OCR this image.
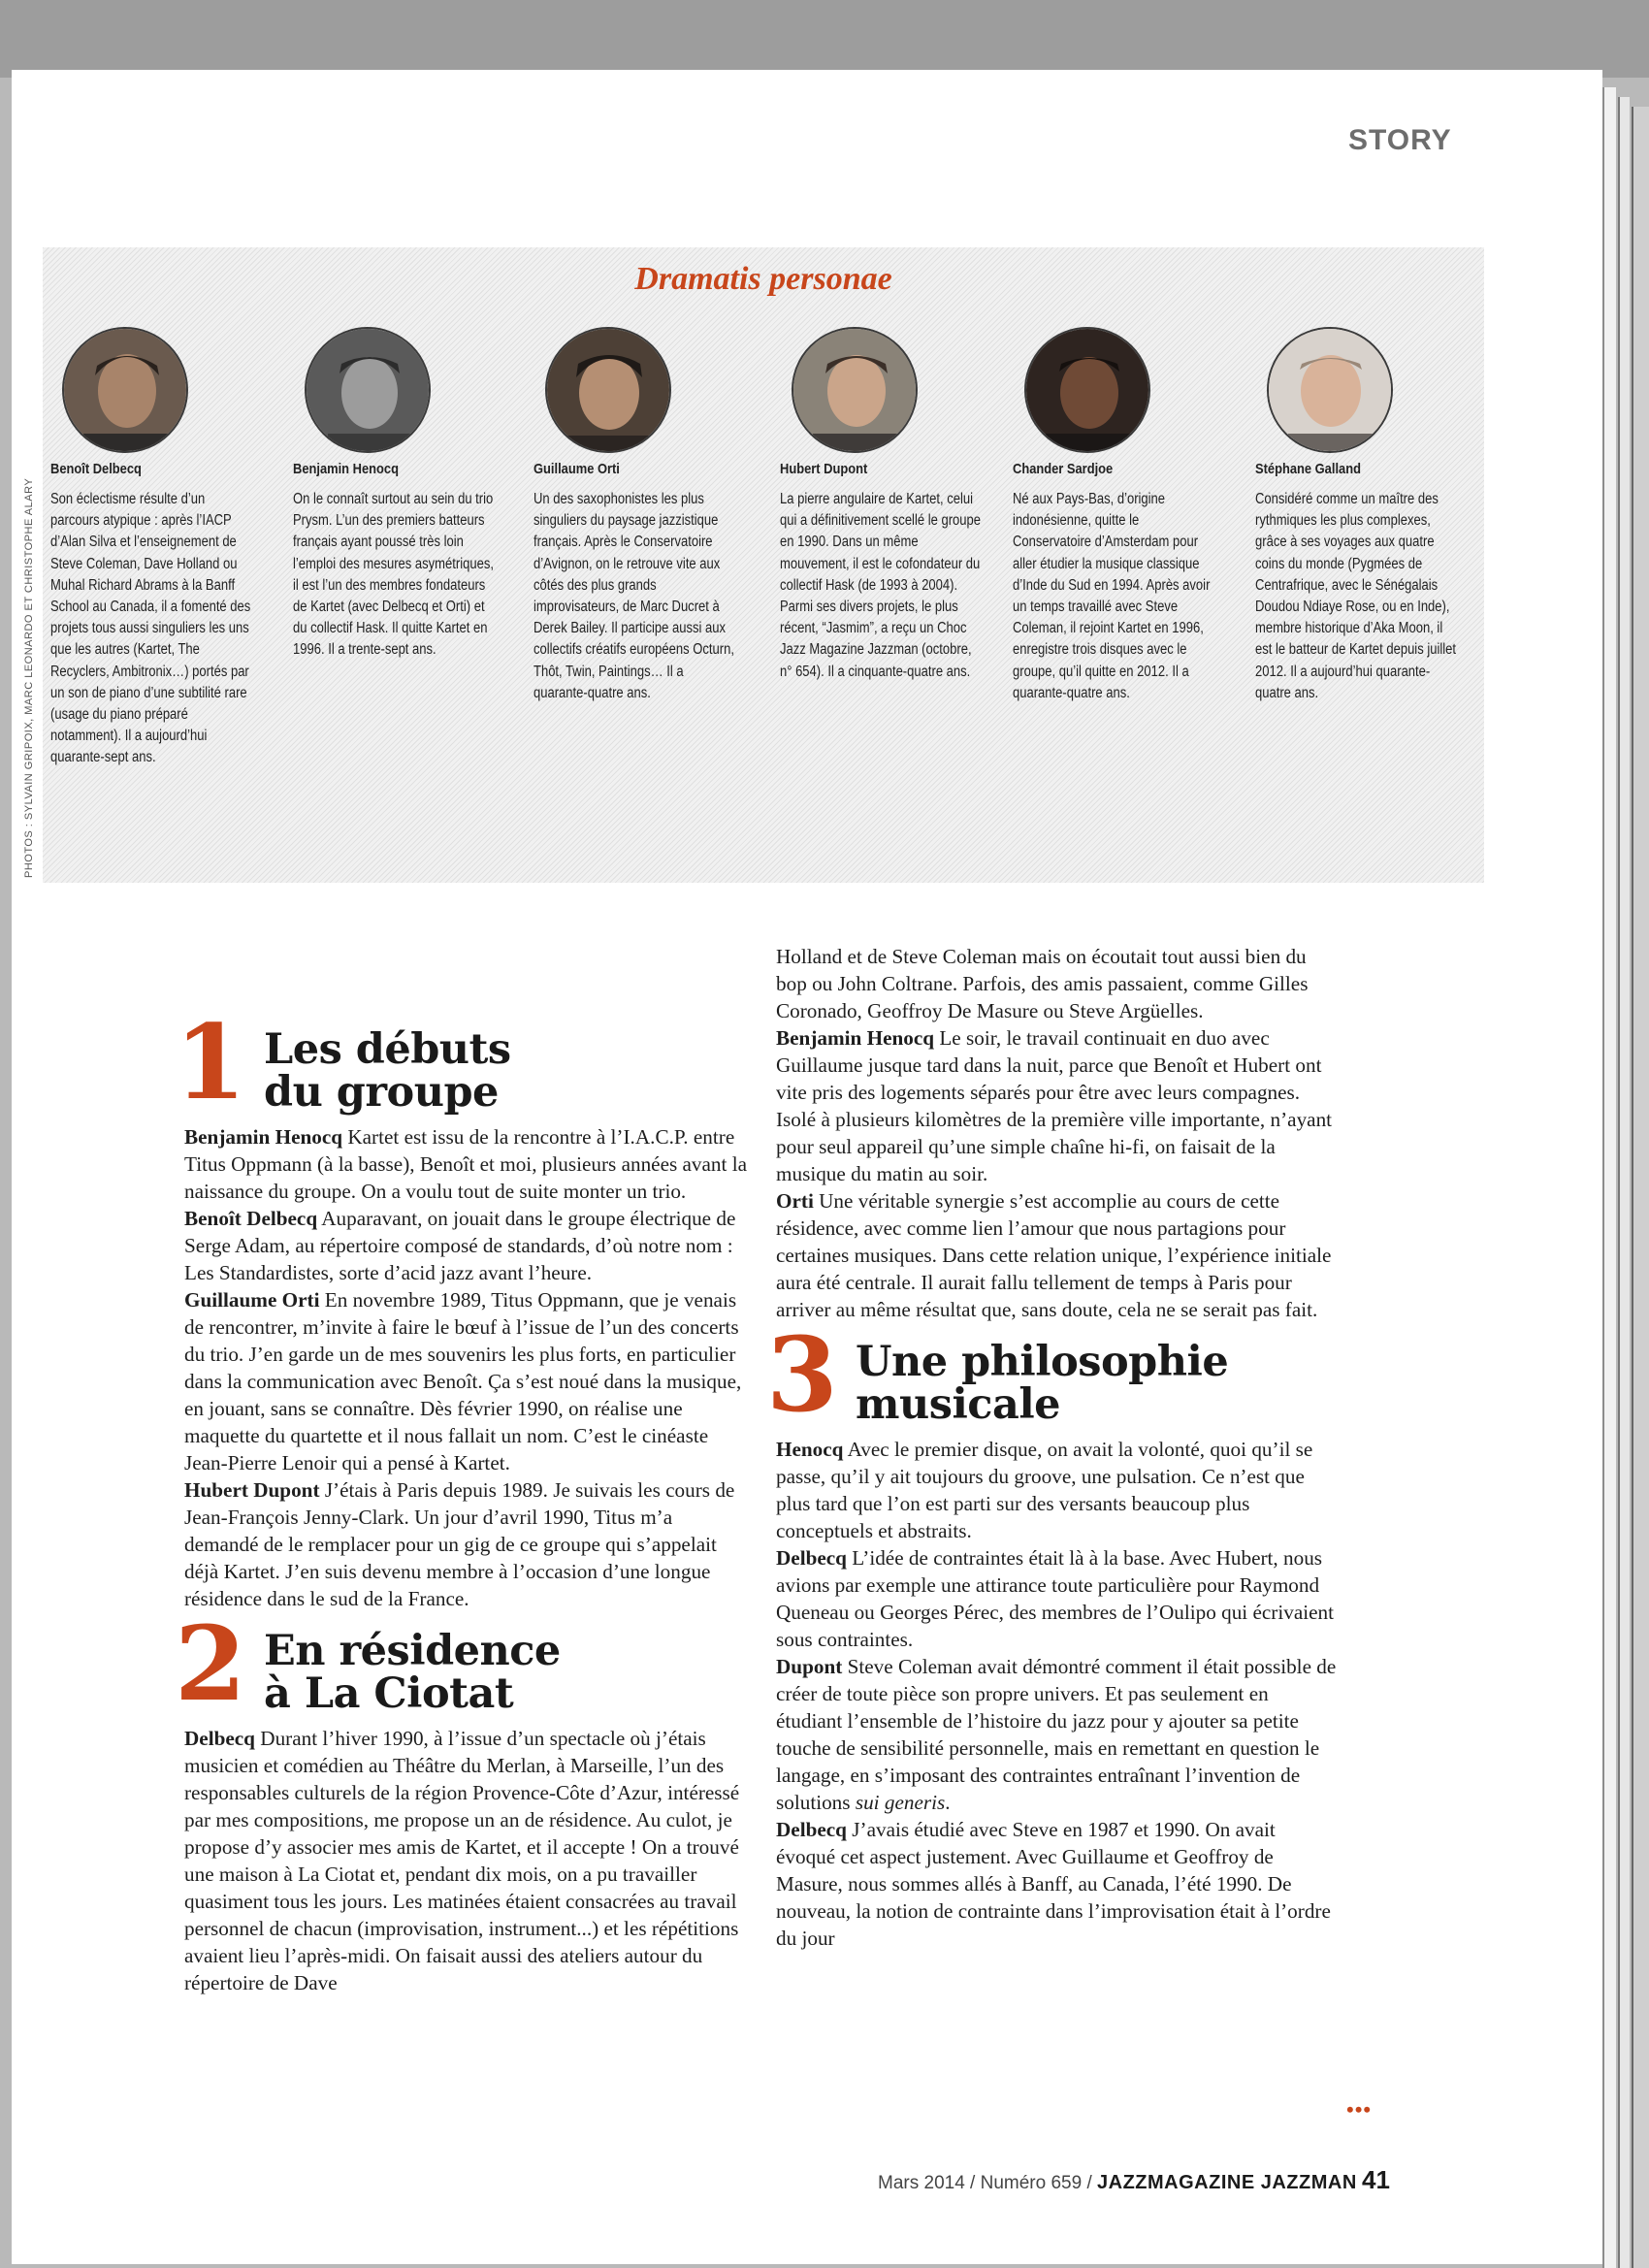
STORY
Dramatis personae
Benoît Delbecq
Son éclectisme résulte d’un parcours atypique : après l’IACP d’Alan Silva et l’enseignement de Steve Coleman, Dave Holland ou Muhal Richard Abrams à la Banff School au Canada, il a fomenté des projets tous aussi singuliers les uns que les autres (Kartet, The Recyclers, Ambitronix…) portés par un son de piano d’une subtilité rare (usage du piano préparé notamment). Il a aujourd’hui quarante-sept ans.
Benjamin Henocq
On le connaît surtout au sein du trio Prysm. L’un des premiers batteurs français ayant poussé très loin l’emploi des mesures asymétriques, il est l’un des membres fondateurs de Kartet (avec Delbecq et Orti) et du collectif Hask. Il quitte Kartet en 1996. Il a trente-sept ans.
Guillaume Orti
Un des saxophonistes les plus singuliers du paysage jazzistique français. Après le Conservatoire d’Avignon, on le retrouve vite aux côtés des plus grands improvisateurs, de Marc Ducret à Derek Bailey. Il participe aussi aux collectifs créatifs européens Octurn, Thôt, Twin, Paintings… Il a quarante-quatre ans.
Hubert Dupont
La pierre angulaire de Kartet, celui qui a définitivement scellé le groupe en 1990. Dans un même mouvement, il est le cofondateur du collectif Hask (de 1993 à 2004). Parmi ses divers projets, le plus récent, “Jasmim”, a reçu un Choc Jazz Magazine Jazzman (octobre, n° 654). Il a cinquante-quatre ans.
Chander Sardjoe
Né aux Pays-Bas, d’origine indonésienne, quitte le Conservatoire d’Amsterdam pour aller étudier la musique classique d’Inde du Sud en 1994. Après avoir un temps travaillé avec Steve Coleman, il rejoint Kartet en 1996, enregistre trois disques avec le groupe, qu’il quitte en 2012. Il a quarante-quatre ans.
Stéphane Galland
Considéré comme un maître des rythmiques les plus complexes, grâce à ses voyages aux quatre coins du monde (Pygmées de Centrafrique, avec le Sénégalais Doudou Ndiaye Rose, ou en Inde), membre historique d’Aka Moon, il est le batteur de Kartet depuis juillet 2012. Il a aujourd’hui quarante-quatre ans.
PHOTOS : SYLVAIN GRIPOIX, MARC LEONARDO ET CHRISTOPHE ALARY
1 Les débuts
du groupe

Benjamin Henocq Kartet est issu de la rencontre à l’I.A.C.P. entre Titus Oppmann (à la basse), Benoît et moi, plusieurs années avant la naissance du groupe. On a voulu tout de suite monter un trio.

Benoît Delbecq Auparavant, on jouait dans le groupe électrique de Serge Adam, au répertoire composé de standards, d’où notre nom : Les Standardistes, sorte d’acid jazz avant l’heure.

Guillaume Orti En novembre 1989, Titus Oppmann, que je venais de rencontrer, m’invite à faire le bœuf à l’issue de l’un des concerts du trio. J’en garde un de mes souvenirs les plus forts, en particulier dans la communication avec Benoît. Ça s’est noué dans la musique, en jouant, sans se connaître. Dès février 1990, on réalise une maquette du quartette et il nous fallait un nom. C’est le cinéaste Jean-Pierre Lenoir qui a pensé à Kartet.

Hubert Dupont J’étais à Paris depuis 1989. Je suivais les cours de Jean-François Jenny-Clark. Un jour d’avril 1990, Titus m’a demandé de le remplacer pour un gig de ce groupe qui s’appelait déjà Kartet. J’en suis devenu membre à l’occasion d’une longue résidence dans le sud de la France.

2 En résidence
à La Ciotat

Delbecq Durant l’hiver 1990, à l’issue d’un spectacle où j’étais musicien et comédien au Théâtre du Merlan, à Marseille, l’un des responsables culturels de la région Provence-Côte d’Azur, intéressé par mes compositions, me propose un an de résidence. Au culot, je propose d’y associer mes amis de Kartet, et il accepte ! On a trouvé une maison à La Ciotat et, pendant dix mois, on a pu travailler quasiment tous les jours. Les matinées étaient consacrées au travail personnel de chacun (improvisation, instrument...) et les répétitions avaient lieu l’après-midi. On faisait aussi des ateliers autour du répertoire de Dave

Holland et de Steve Coleman mais on écoutait tout aussi bien du bop ou John Coltrane. Parfois, des amis passaient, comme Gilles Coronado, Geoffroy De Masure ou Steve Argüelles.

Benjamin Henocq Le soir, le travail continuait en duo avec Guillaume jusque tard dans la nuit, parce que Benoît et Hubert ont vite pris des logements séparés pour être avec leurs compagnes. Isolé à plusieurs kilomètres de la première ville importante, n’ayant pour seul appareil qu’une simple chaîne hi-fi, on faisait de la musique du matin au soir.

Orti Une véritable synergie s’est accomplie au cours de cette résidence, avec comme lien l’amour que nous partagions pour certaines musiques. Dans cette relation unique, l’expérience initiale aura été centrale. Il aurait fallu tellement de temps à Paris pour arriver au même résultat que, sans doute, cela ne se serait pas fait.

3 Une philosophie
musicale

Henocq Avec le premier disque, on avait la volonté, quoi qu’il se passe, qu’il y ait toujours du groove, une pulsation. Ce n’est que plus tard que l’on est parti sur des versants beaucoup plus conceptuels et abstraits.

Delbecq L’idée de contraintes était là à la base. Avec Hubert, nous avions par exemple une attirance toute particulière pour Raymond Queneau ou Georges Pérec, des membres de l’Oulipo qui écrivaient sous contraintes.

Dupont Steve Coleman avait démontré comment il était possible de créer de toute pièce son propre univers. Et pas seulement en étudiant l’ensemble de l’histoire du jazz pour y ajouter sa petite touche de sensibilité personnelle, mais en remettant en question le langage, en s’imposant des contraintes entraînant l’invention de solutions sui generis.

Delbecq J’avais étudié avec Steve en 1987 et 1990. On avait évoqué cet aspect justement. Avec Guillaume et Geoffroy de Masure, nous sommes allés à Banff, au Canada, l’été 1990. De nouveau, la notion de contrainte dans l’improvisation était à l’ordre du jour

•••
Mars 2014 / Numéro 659 / JAZZMAGAZINE JAZZMAN 41
